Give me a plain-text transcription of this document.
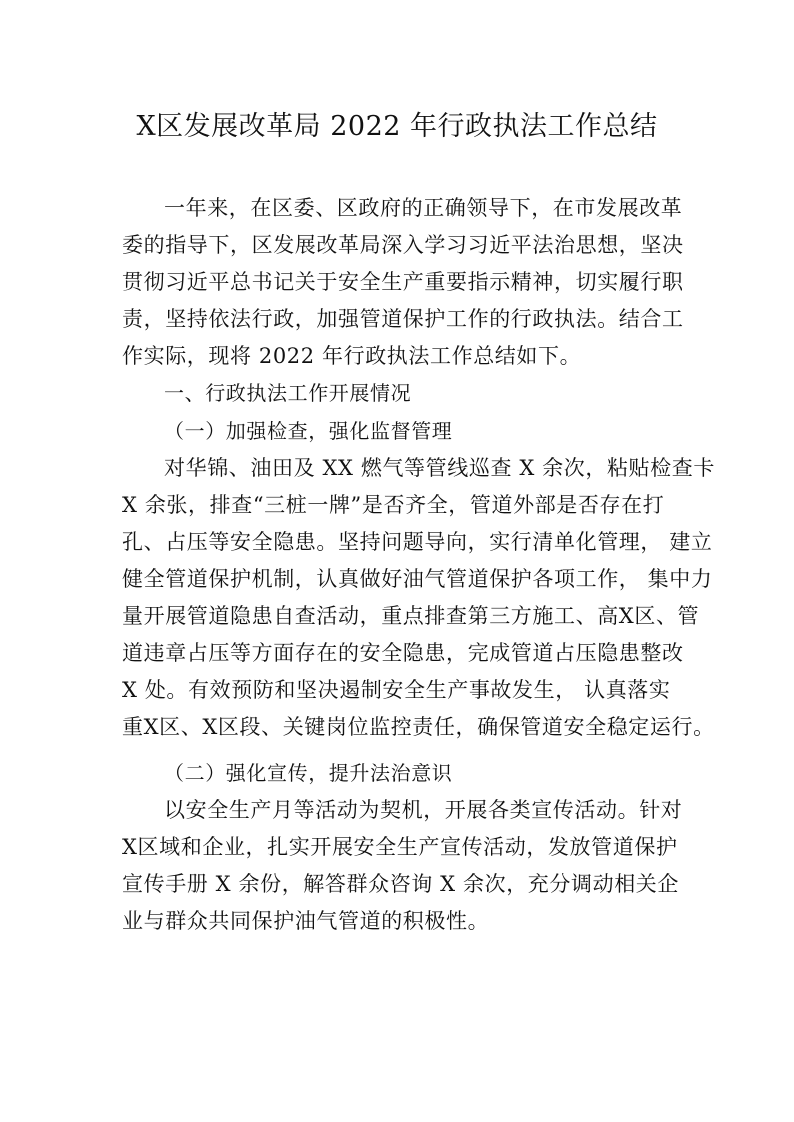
X区发展改革局 2022 年行政执法工作总结
一年来，在区委、区政府的正确领导下，在市发展改革
委的指导下，区发展改革局深入学习习近平法治思想，坚决
贯彻习近平总书记关于安全生产重要指示精神，切实履行职
责，坚持依法行政，加强管道保护工作的行政执法。结合工
作实际，现将 2022 年行政执法工作总结如下。
一、行政执法工作开展情况
（一）加强检查，强化监督管理
对华锦、油田及 XX 燃气等管线巡查 X 余次，粘贴检查卡
X 余张，排查“三桩一牌”是否齐全，管道外部是否存在打
孔、占压等安全隐患。坚持问题导向，实行清单化管理， 建立
健全管道保护机制，认真做好油气管道保护各项工作， 集中力
量开展管道隐患自查活动，重点排查第三方施工、高X区、管
道违章占压等方面存在的安全隐患，完成管道占压隐患整改
X 处。有效预防和坚决遏制安全生产事故发生， 认真落实
重X区、X区段、关键岗位监控责任，确保管道安全稳定运行。
（二）强化宣传，提升法治意识
以安全生产月等活动为契机，开展各类宣传活动。针对
X区域和企业，扎实开展安全生产宣传活动，发放管道保护
宣传手册 X 余份，解答群众咨询 X 余次，充分调动相关企
业与群众共同保护油气管道的积极性。
